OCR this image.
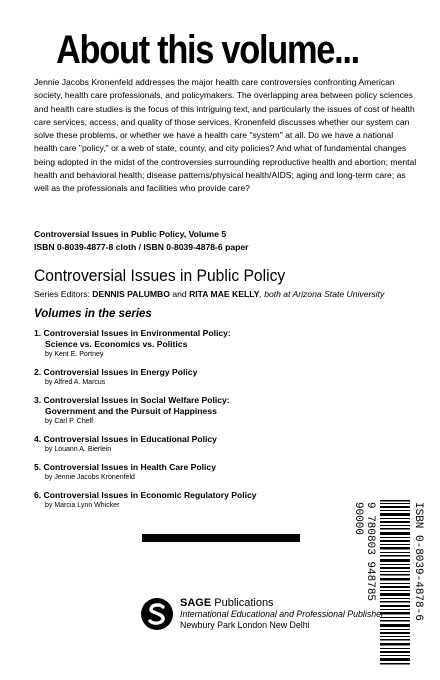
About this volume...

Jennie Jacobs Kronenfeld addresses the major health care controversies confronting American society, health care professionals, and policymakers. The overlapping area between policy sciences and health care studies is the focus of this intriguing text, and particularly the issues of cost of health care services, access, and quality of those services. Kronenfeld discusses whether our system can solve these problems, or whether we have a health care "system" at all. Do we have a national health care "policy," or a web of state, county, and city policies? And what of fundamental changes being adopted in the midst of the controversies surrounding reproductive health and abortion; mental health and behavioral health; disease patterns/physical health/AIDS; aging and long-term care; as well as the professionals and facilities who provide care?

Controversial Issues in Public Policy, Volume 5
ISBN 0-8039-4877-8 cloth / ISBN 0-8039-4878-6 paper
Controversial Issues in Public Policy
Series Editors: DENNIS PALUMBO and RITA MAE KELLY, both at Arizona State University
Volumes in the series
1. Controversial Issues in Environmental Policy:
Science vs. Economics vs. Politics
by Kent E. Portney
2. Controversial Issues in Energy Policy
by Alfred A. Marcus
3. Controversial Issues in Social Welfare Policy:
Government and the Pursuit of Happiness
by Carl P. Chelf
4. Controversial Issues in Educational Policy
by Louann A. Bierlein
5. Controversial Issues in Health Care Policy
by Jennie Jacobs Kronenfeld
6. Controversial Issues in Economic Regulatory Policy
by Marcia Lynn Whicker	ISBN 0-8039-4878-6
9 780803 948785
90000
SAGE Publications
International Educational and Professional Publisher
Newbury Park London New Delhi
